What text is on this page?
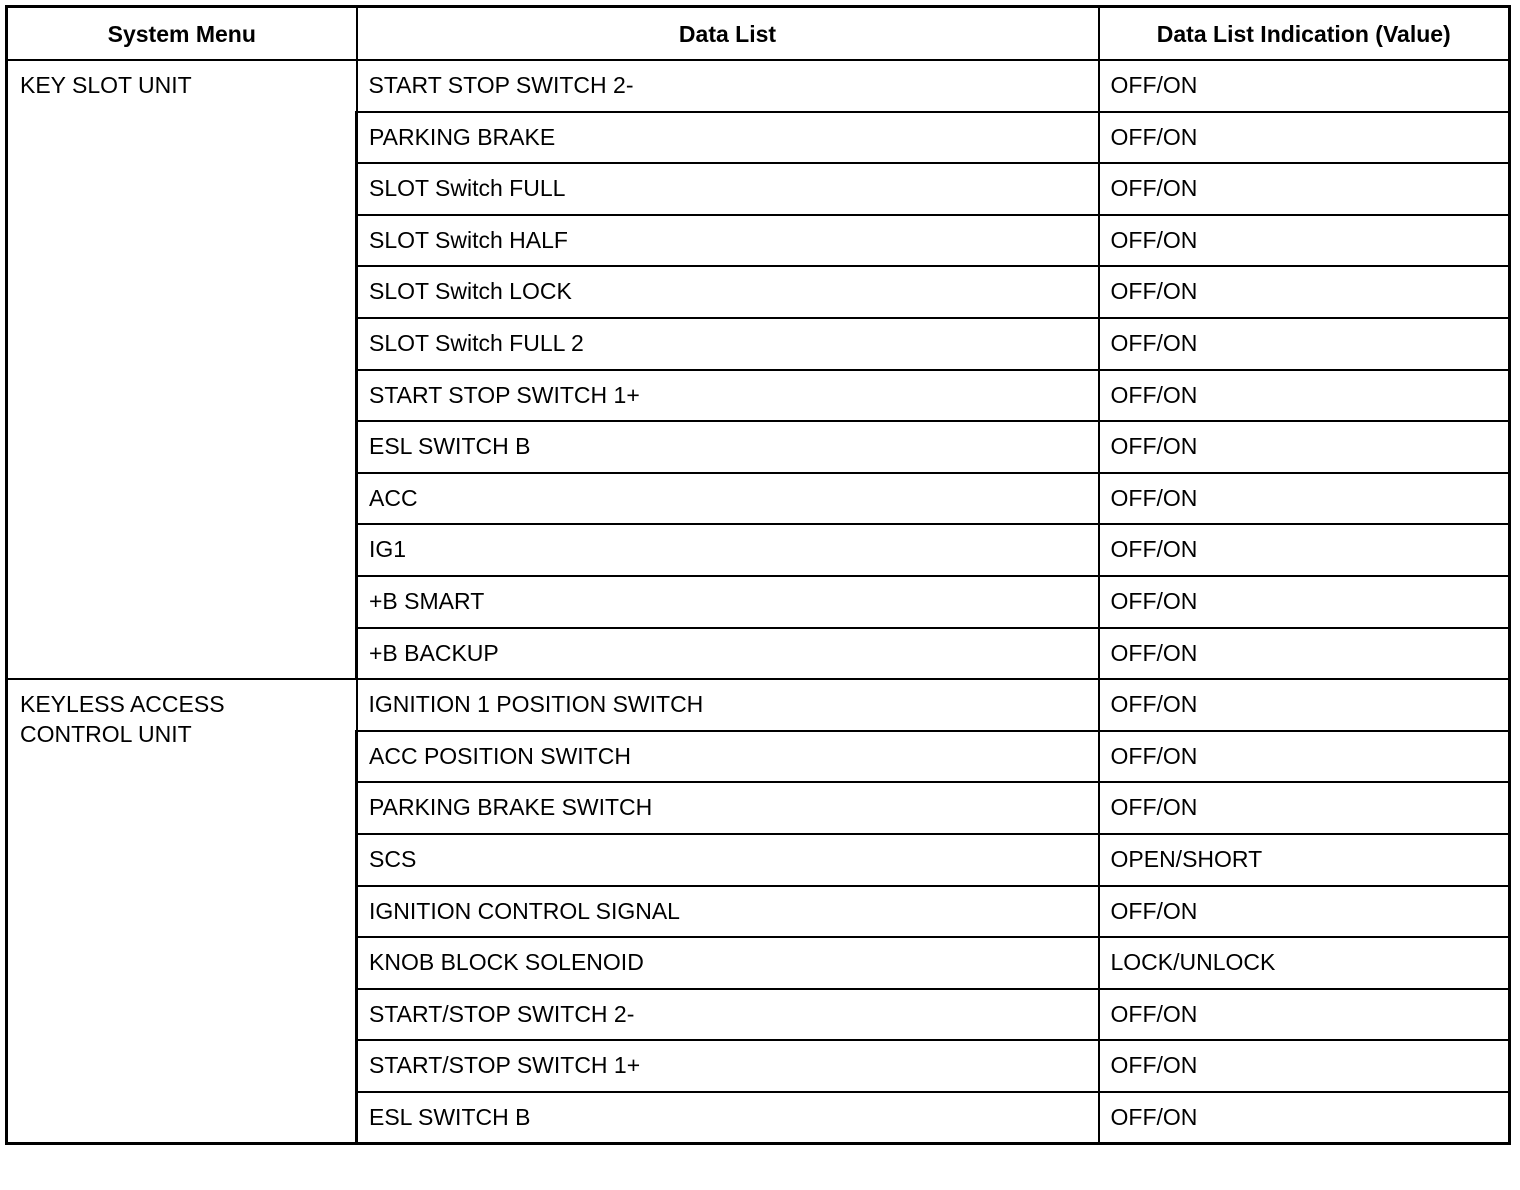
System Menu	Data List	Data List Indication (Value)
KEY SLOT UNIT	START STOP SWITCH 2-	OFF/ON
	PARKING BRAKE	OFF/ON
	SLOT Switch FULL	OFF/ON
	SLOT Switch HALF	OFF/ON
	SLOT Switch LOCK	OFF/ON
	SLOT Switch FULL 2	OFF/ON
	START STOP SWITCH 1+	OFF/ON
	ESL SWITCH B	OFF/ON
	ACC	OFF/ON
	IG1	OFF/ON
	+B SMART	OFF/ON
	+B BACKUP	OFF/ON
KEYLESS ACCESS
CONTROL UNIT	IGNITION 1 POSITION SWITCH	OFF/ON
	ACC POSITION SWITCH	OFF/ON
	PARKING BRAKE SWITCH	OFF/ON
	SCS	OPEN/SHORT
	IGNITION CONTROL SIGNAL	OFF/ON
	KNOB BLOCK SOLENOID	LOCK/UNLOCK
	START/STOP SWITCH 2-	OFF/ON
	START/STOP SWITCH 1+	OFF/ON
	ESL SWITCH B	OFF/ON
